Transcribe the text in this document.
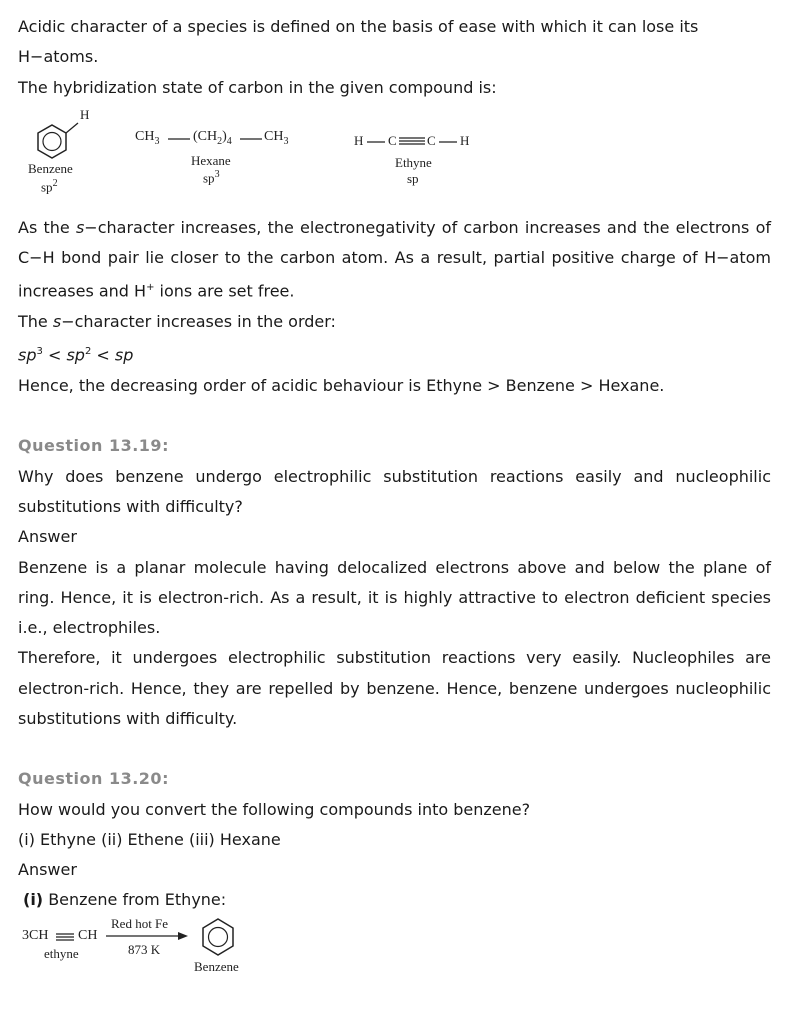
Acidic character of a species is defined on the basis of ease with which it can lose its H−atoms.

The hybridization state of carbon in the given compound is:

H
Benzene
$sp^2$
$CH_3$ $(CH_2)_4$ $CH_3$
Hexane
$sp^3$
H C C H
Ethyne
sp

As the s−character increases, the electronegativity of carbon increases and the electrons of C−H bond pair lie closer to the carbon atom. As a result, partial positive charge of H−atom increases and H+ ions are set free.

The s−character increases in the order:

$sp^3 < sp^2$ < sp

Hence, the decreasing order of acidic behaviour is Ethyne > Benzene > Hexane.

Question 13.19:

Why does benzene undergo electrophilic substitution reactions easily and nucleophilic substitutions with difficulty?

Answer

Benzene is a planar molecule having delocalized electrons above and below the plane of ring. Hence, it is electron-rich. As a result, it is highly attractive to electron deficient species i.e., electrophiles.

Therefore, it undergoes electrophilic substitution reactions very easily. Nucleophiles are electron-rich. Hence, they are repelled by benzene. Hence, benzene undergoes nucleophilic substitutions with difficulty.

Question 13.20:

How would you convert the following compounds into benzene?

(i) Ethyne (ii) Ethene (iii) Hexane

Answer

(i) Benzene from Ethyne:

3CH CH
ethyne
Red hot Fe
873 K
Benzene
